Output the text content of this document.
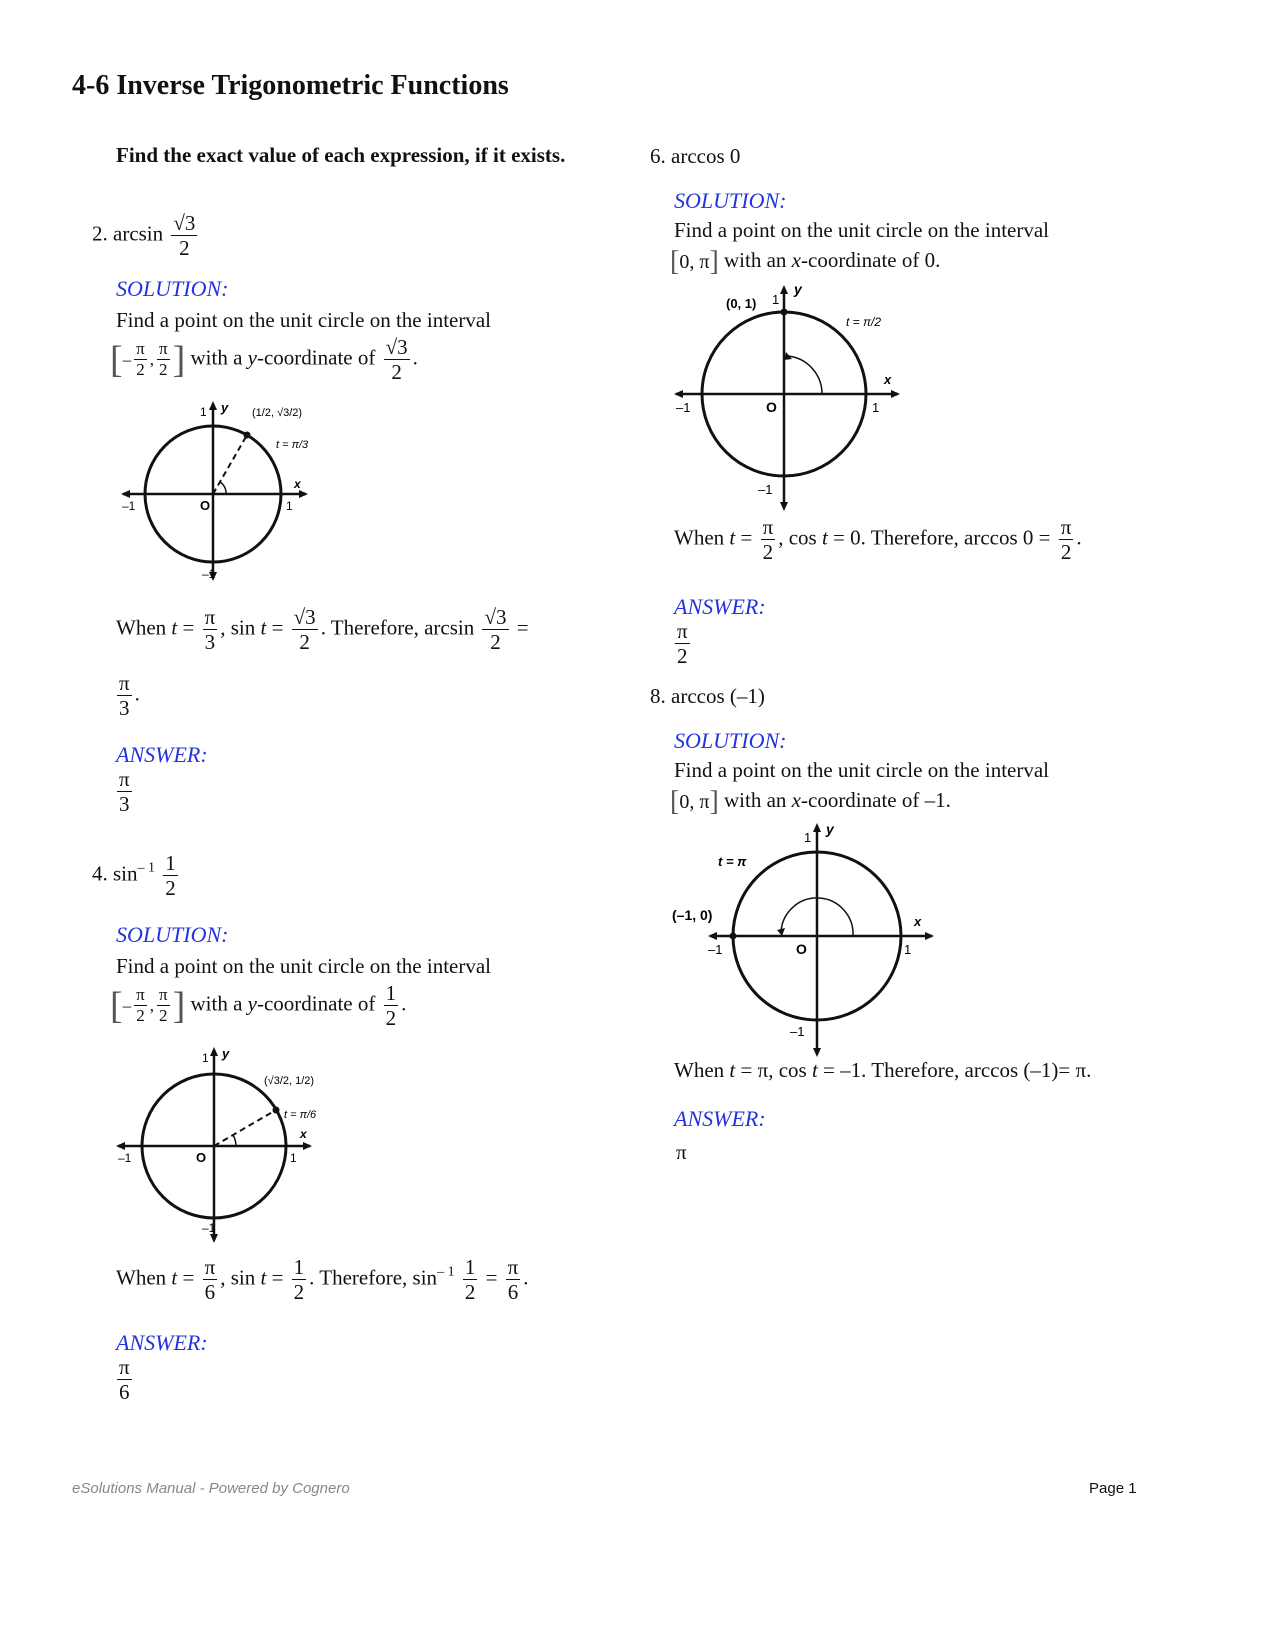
4-6 Inverse Trigonometric Functions
Find the exact value of each expression, if it exists.
2. $\arcsin \frac{√3}{2}$
SOLUTION:
Find a point on the unit circle on the interval
[ – $\frac{\pi}{2}$ , $\frac{\pi}{2}$ ] with a y-coordinate of $\frac{√3}{2}$ .
O
–1	1
1 y
x
–1
(1/2, √3/2)
t = π/3
When $t = \frac{\pi}{3}$ , $\sin t = \frac{√3}{2}$ . Therefore, $\arcsin \frac{√3}{2}$ =
$\frac{\pi}{3}$ .
ANSWER:
$\frac{\pi}{3}$
4. $\sin^{- 1} \frac{1}{2}$
SOLUTION:
Find a point on the unit circle on the interval
[ – $\frac{\pi}{2}$ , $\frac{\pi}{2}$ ] with a y-coordinate of $\frac{1}{2}$ .
O
–1	1
1 y
x
–1
(√3/2, 1/2)
t = π/6
When $t = \frac{\pi}{6}$ , $\sin t = \frac{1}{2}$ . Therefore, $\sin^{- 1} \frac{1}{2} = \frac{\pi}{6}$ .
ANSWER:
$\frac{\pi}{6}$
6. arccos 0
SOLUTION:
Find a point on the unit circle on the interval
[ 0, π ] with an x-coordinate of 0.
O
–1	1
1
y
x
–1
(0, 1)
t = π/2
When $t = \frac{\pi}{2}$ , cos t = 0. Therefore, $\arccos 0 = \frac{\pi}{2}$ .
ANSWER:
$\frac{\pi}{2}$
8. arccos (–1)
SOLUTION:
Find a point on the unit circle on the interval
[ 0, π ] with an x-coordinate of –1.
O
–1	1
1
y
x
–1
(–1, 0)
t = π
When t = π, cos t = –1. Therefore, arccos (–1)= π.
ANSWER:
π
eSolutions Manual - Powered by Cognero	Page 1
